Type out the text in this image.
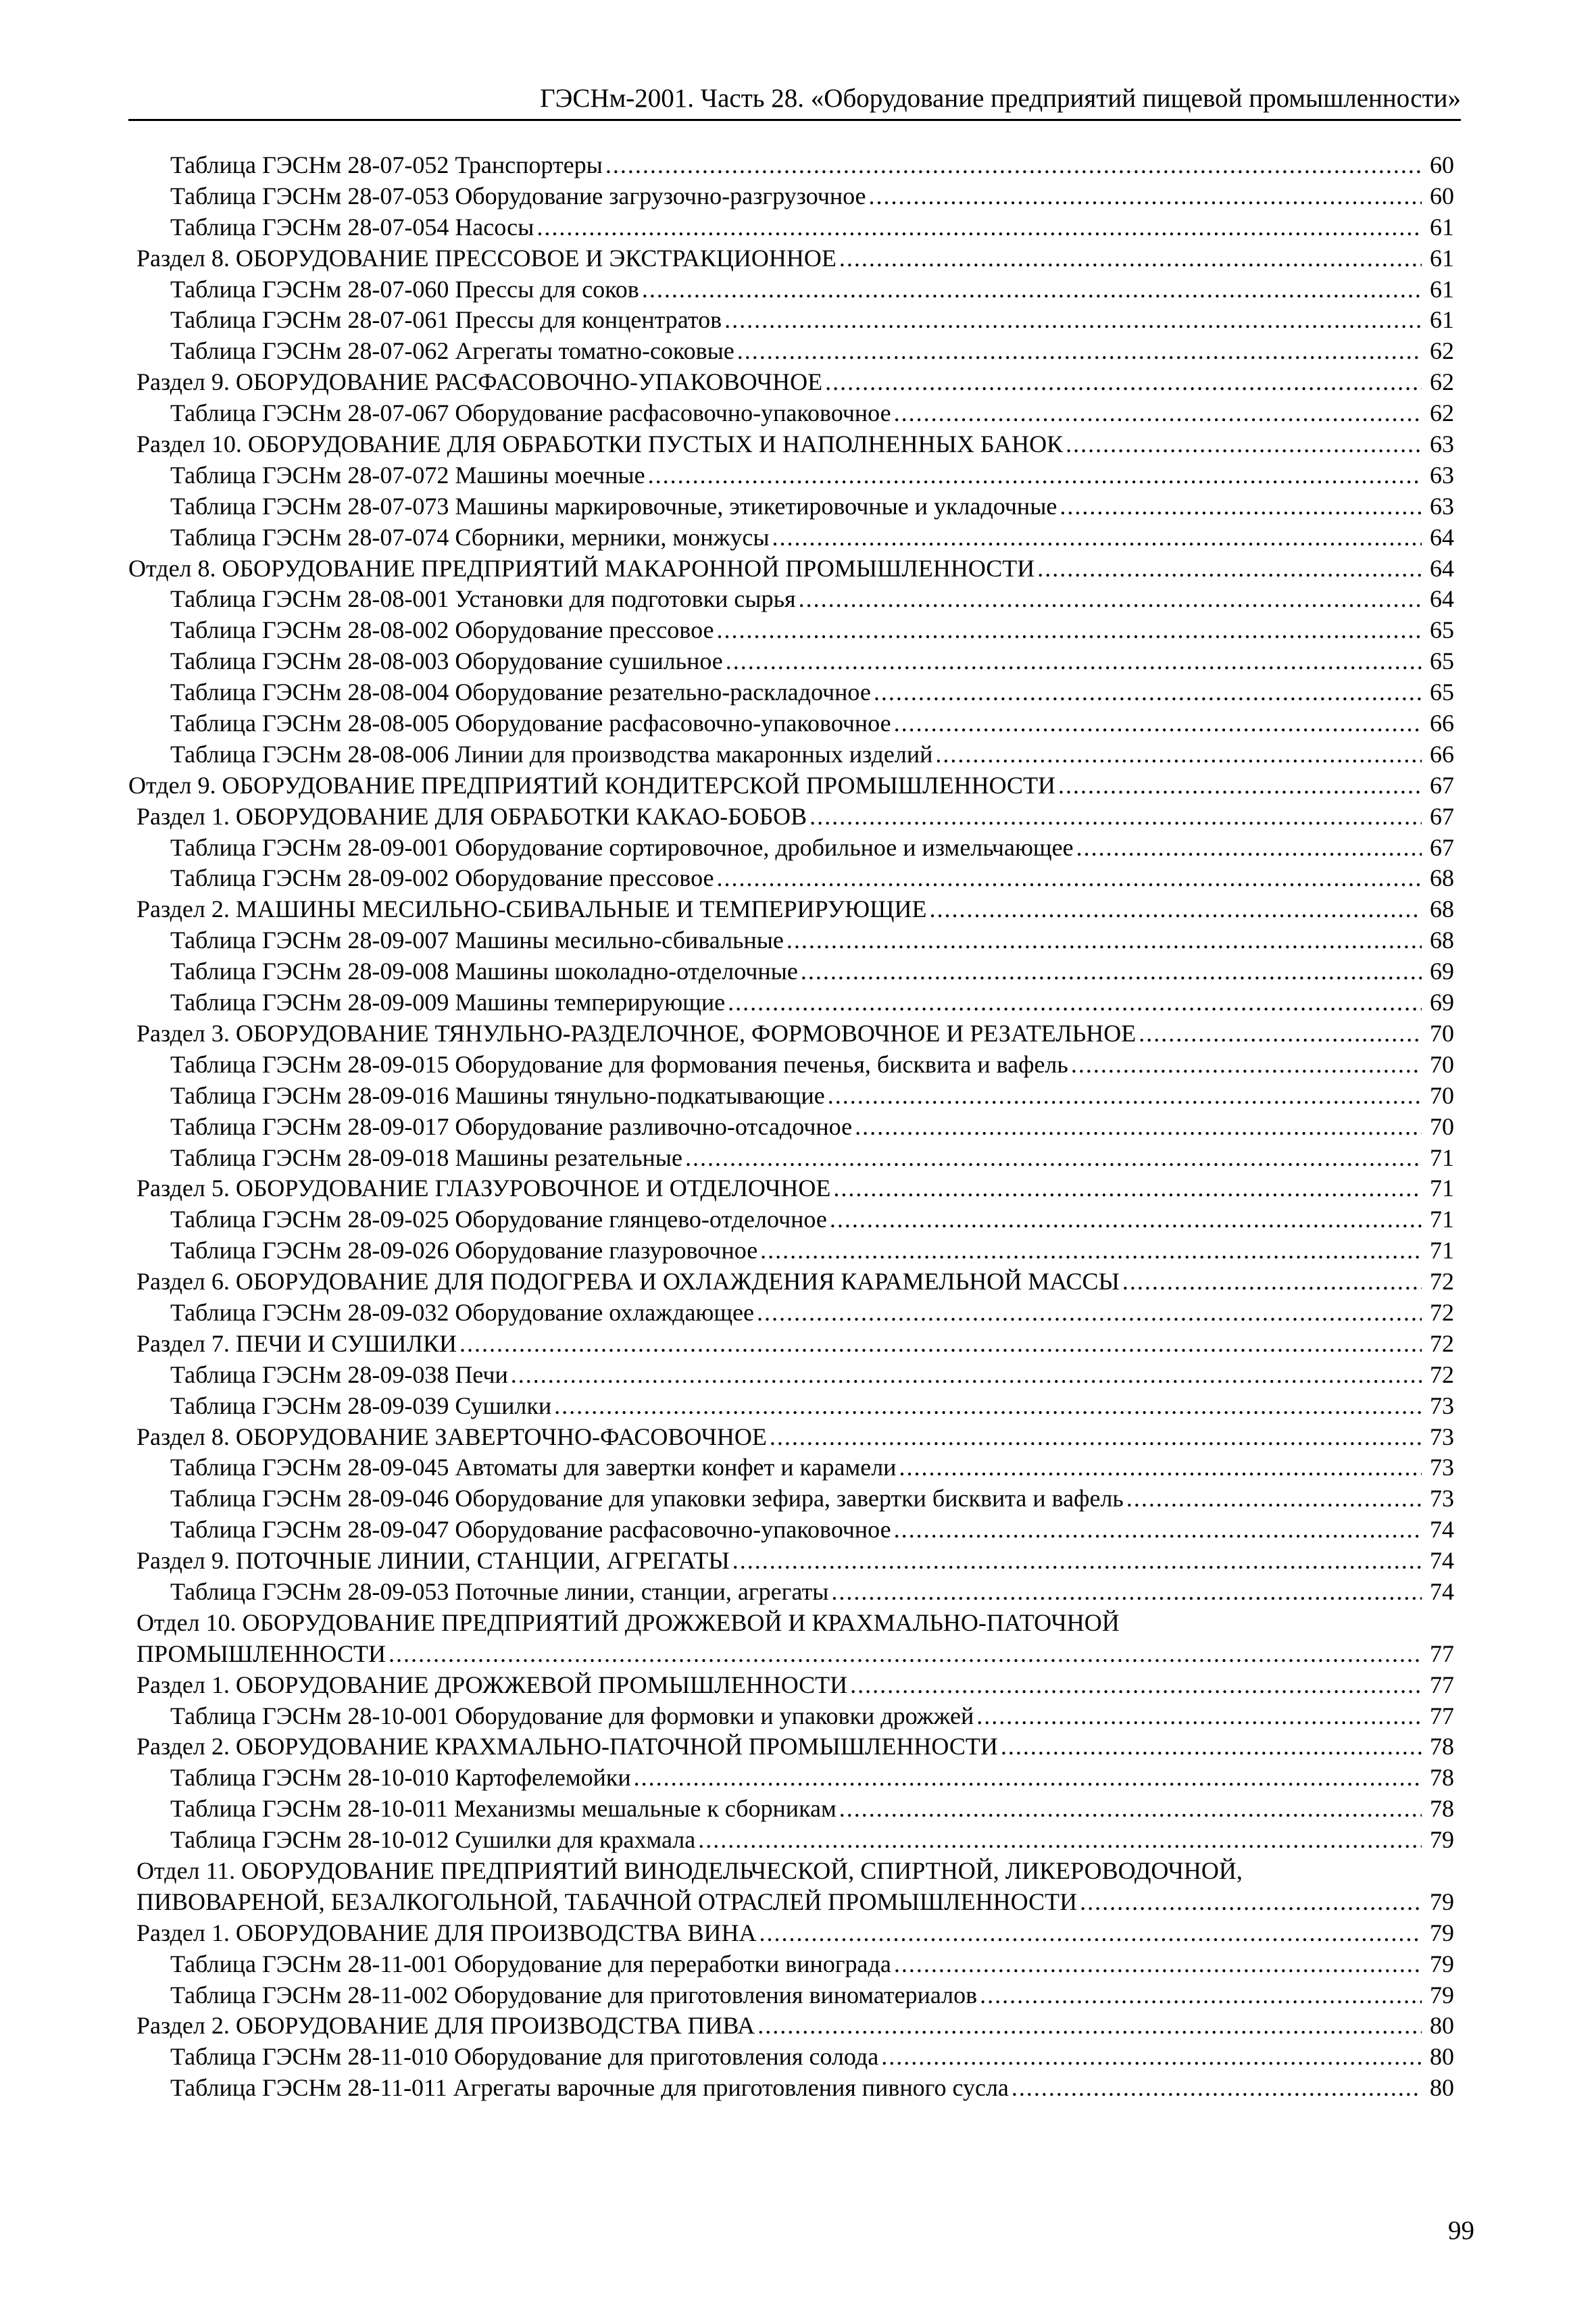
ГЭСНм-2001. Часть 28. «Оборудование предприятий пищевой промышленности»
Таблица ГЭСНм 28-07-052 Транспортеры .....	60
Таблица ГЭСНм 28-07-053 Оборудование загрузочно-разгрузочное .....	60
Таблица ГЭСНм 28-07-054 Насосы .....	61
Раздел 8. ОБОРУДОВАНИЕ ПРЕССОВОЕ И ЭКСТРАКЦИОННОЕ .....	61
Таблица ГЭСНм 28-07-060 Прессы для соков .....	61
Таблица ГЭСНм 28-07-061 Прессы для концентратов .....	61
Таблица ГЭСНм 28-07-062 Агрегаты томатно-соковые .....	62
Раздел 9. ОБОРУДОВАНИЕ РАСФАСОВОЧНО-УПАКОВОЧНОЕ .....	62
Таблица ГЭСНм 28-07-067 Оборудование расфасовочно-упаковочное .....	62
Раздел 10. ОБОРУДОВАНИЕ ДЛЯ ОБРАБОТКИ ПУСТЫХ И НАПОЛНЕННЫХ БАНОК .....	63
Таблица ГЭСНм 28-07-072 Машины моечные .....	63
Таблица ГЭСНм 28-07-073 Машины маркировочные, этикетировочные и укладочные .....	63
Таблица ГЭСНм 28-07-074 Сборники, мерники, монжусы .....	64
Отдел 8. ОБОРУДОВАНИЕ ПРЕДПРИЯТИЙ МАКАРОННОЙ ПРОМЫШЛЕННОСТИ .....	64
Таблица ГЭСНм 28-08-001 Установки для подготовки сырья .....	64
Таблица ГЭСНм 28-08-002 Оборудование прессовое .....	65
Таблица ГЭСНм 28-08-003 Оборудование сушильное .....	65
Таблица ГЭСНм 28-08-004 Оборудование резательно-раскладочное .....	65
Таблица ГЭСНм 28-08-005 Оборудование расфасовочно-упаковочное .....	66
Таблица ГЭСНм 28-08-006 Линии для производства макаронных изделий .....	66
Отдел 9. ОБОРУДОВАНИЕ ПРЕДПРИЯТИЙ КОНДИТЕРСКОЙ ПРОМЫШЛЕННОСТИ .....	67
Раздел 1. ОБОРУДОВАНИЕ ДЛЯ ОБРАБОТКИ КАКАО-БОБОВ .....	67
Таблица ГЭСНм 28-09-001 Оборудование сортировочное, дробильное и измельчающее .....	67
Таблица ГЭСНм 28-09-002 Оборудование прессовое .....	68
Раздел 2. МАШИНЫ МЕСИЛЬНО-СБИВАЛЬНЫЕ И ТЕМПЕРИРУЮЩИЕ .....	68
Таблица ГЭСНм 28-09-007 Машины месильно-сбивальные .....	68
Таблица ГЭСНм 28-09-008 Машины шоколадно-отделочные .....	69
Таблица ГЭСНм 28-09-009 Машины темперирующие .....	69
Раздел 3. ОБОРУДОВАНИЕ ТЯНУЛЬНО-РАЗДЕЛОЧНОЕ, ФОРМОВОЧНОЕ И РЕЗАТЕЛЬНОЕ .....	70
Таблица ГЭСНм 28-09-015 Оборудование для формования печенья, бисквита и вафель .....	70
Таблица ГЭСНм 28-09-016 Машины тянульно-подкатывающие .....	70
Таблица ГЭСНм 28-09-017 Оборудование разливочно-отсадочное .....	70
Таблица ГЭСНм 28-09-018 Машины резательные .....	71
Раздел 5. ОБОРУДОВАНИЕ ГЛАЗУРОВОЧНОЕ И ОТДЕЛОЧНОЕ .....	71
Таблица ГЭСНм 28-09-025 Оборудование глянцево-отделочное .....	71
Таблица ГЭСНм 28-09-026 Оборудование глазуровочное .....	71
Раздел 6. ОБОРУДОВАНИЕ ДЛЯ ПОДОГРЕВА И ОХЛАЖДЕНИЯ КАРАМЕЛЬНОЙ МАССЫ .....	72
Таблица ГЭСНм 28-09-032 Оборудование охлаждающее .....	72
Раздел 7. ПЕЧИ И СУШИЛКИ .....	72
Таблица ГЭСНм 28-09-038 Печи .....	72
Таблица ГЭСНм 28-09-039 Сушилки .....	73
Раздел 8. ОБОРУДОВАНИЕ ЗАВЕРТОЧНО-ФАСОВОЧНОЕ .....	73
Таблица ГЭСНм 28-09-045 Автоматы для завертки конфет и карамели .....	73
Таблица ГЭСНм 28-09-046 Оборудование для упаковки зефира, завертки бисквита и вафель .....	73
Таблица ГЭСНм 28-09-047 Оборудование расфасовочно-упаковочное .....	74
Раздел 9. ПОТОЧНЫЕ ЛИНИИ, СТАНЦИИ, АГРЕГАТЫ .....	74
Таблица ГЭСНм 28-09-053 Поточные линии, станции, агрегаты .....	74
Отдел 10. ОБОРУДОВАНИЕ ПРЕДПРИЯТИЙ ДРОЖЖЕВОЙ И КРАХМАЛЬНО-ПАТОЧНОЙ
ПРОМЫШЛЕННОСТИ .....	77
Раздел 1. ОБОРУДОВАНИЕ ДРОЖЖЕВОЙ ПРОМЫШЛЕННОСТИ .....	77
Таблица ГЭСНм 28-10-001 Оборудование для формовки и упаковки дрожжей .....	77
Раздел 2. ОБОРУДОВАНИЕ КРАХМАЛЬНО-ПАТОЧНОЙ ПРОМЫШЛЕННОСТИ .....	78
Таблица ГЭСНм 28-10-010 Картофелемойки .....	78
Таблица ГЭСНм 28-10-011 Механизмы мешальные к сборникам .....	78
Таблица ГЭСНм 28-10-012 Сушилки для крахмала .....	79
Отдел 11. ОБОРУДОВАНИЕ ПРЕДПРИЯТИЙ ВИНОДЕЛЬЧЕСКОЙ, СПИРТНОЙ, ЛИКЕРОВОДОЧНОЙ,
ПИВОВАРЕНОЙ, БЕЗАЛКОГОЛЬНОЙ, ТАБАЧНОЙ ОТРАСЛЕЙ ПРОМЫШЛЕННОСТИ .....	79
Раздел 1. ОБОРУДОВАНИЕ ДЛЯ ПРОИЗВОДСТВА ВИНА .....	79
Таблица ГЭСНм 28-11-001 Оборудование для переработки винограда .....	79
Таблица ГЭСНм 28-11-002 Оборудование для приготовления виноматериалов .....	79
Раздел 2. ОБОРУДОВАНИЕ ДЛЯ ПРОИЗВОДСТВА ПИВА .....	80
Таблица ГЭСНм 28-11-010 Оборудование для приготовления солода .....	80
Таблица ГЭСНм 28-11-011 Агрегаты варочные для приготовления пивного сусла .....	80
99
